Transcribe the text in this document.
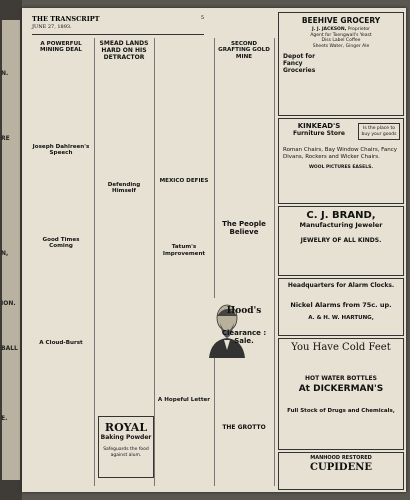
N.
RE
N,
ION.
BALL
E.
THE TRANSCRIPT
JUNE 27, 1893.
5
A POWERFUL MINING DEAL

Joseph Dahlreen's Speech

Good Times Coming
A Cloud-Burst
SMEAD LANDS HARD ON HIS DETRACTOR
Defending Himself
ROYAL
Baking Powder
Safeguards the food against alum.
MEXICO DEFIES
Tatum's Improvement
A Hopeful Letter
SECOND GRAFTING GOLD MINE
The People Believe
Hood's
Clearance : Sale.
THE GROTTO
BEEHIVE GROCERY
J. J. JACKSON, Proprietor
Agent for Toengwall's Yeast
Diss Label Coffee
Sheets Water, Ginger Ale
Depot for Fancy Groceries
KINKEAD'S
Furniture Store
Is the place to buy your goods
Roman Chairs, Bay Window Chairs, Fancy Divans, Rockers and Wicker Chairs.
WOOL PICTURES EASELS.
C. J. BRAND,
Manufacturing Jeweler
JEWELRY OF ALL KINDS.
Headquarters for Alarm Clocks.
Nickel Alarms from 75c. up.
A. & H. W. HARTUNG,
You Have Cold Feet
HOT WATER BOTTLES
At DICKERMAN'S
Full Stock of Drugs and Chemicals,
MANHOOD RESTORED
CUPIDENE
